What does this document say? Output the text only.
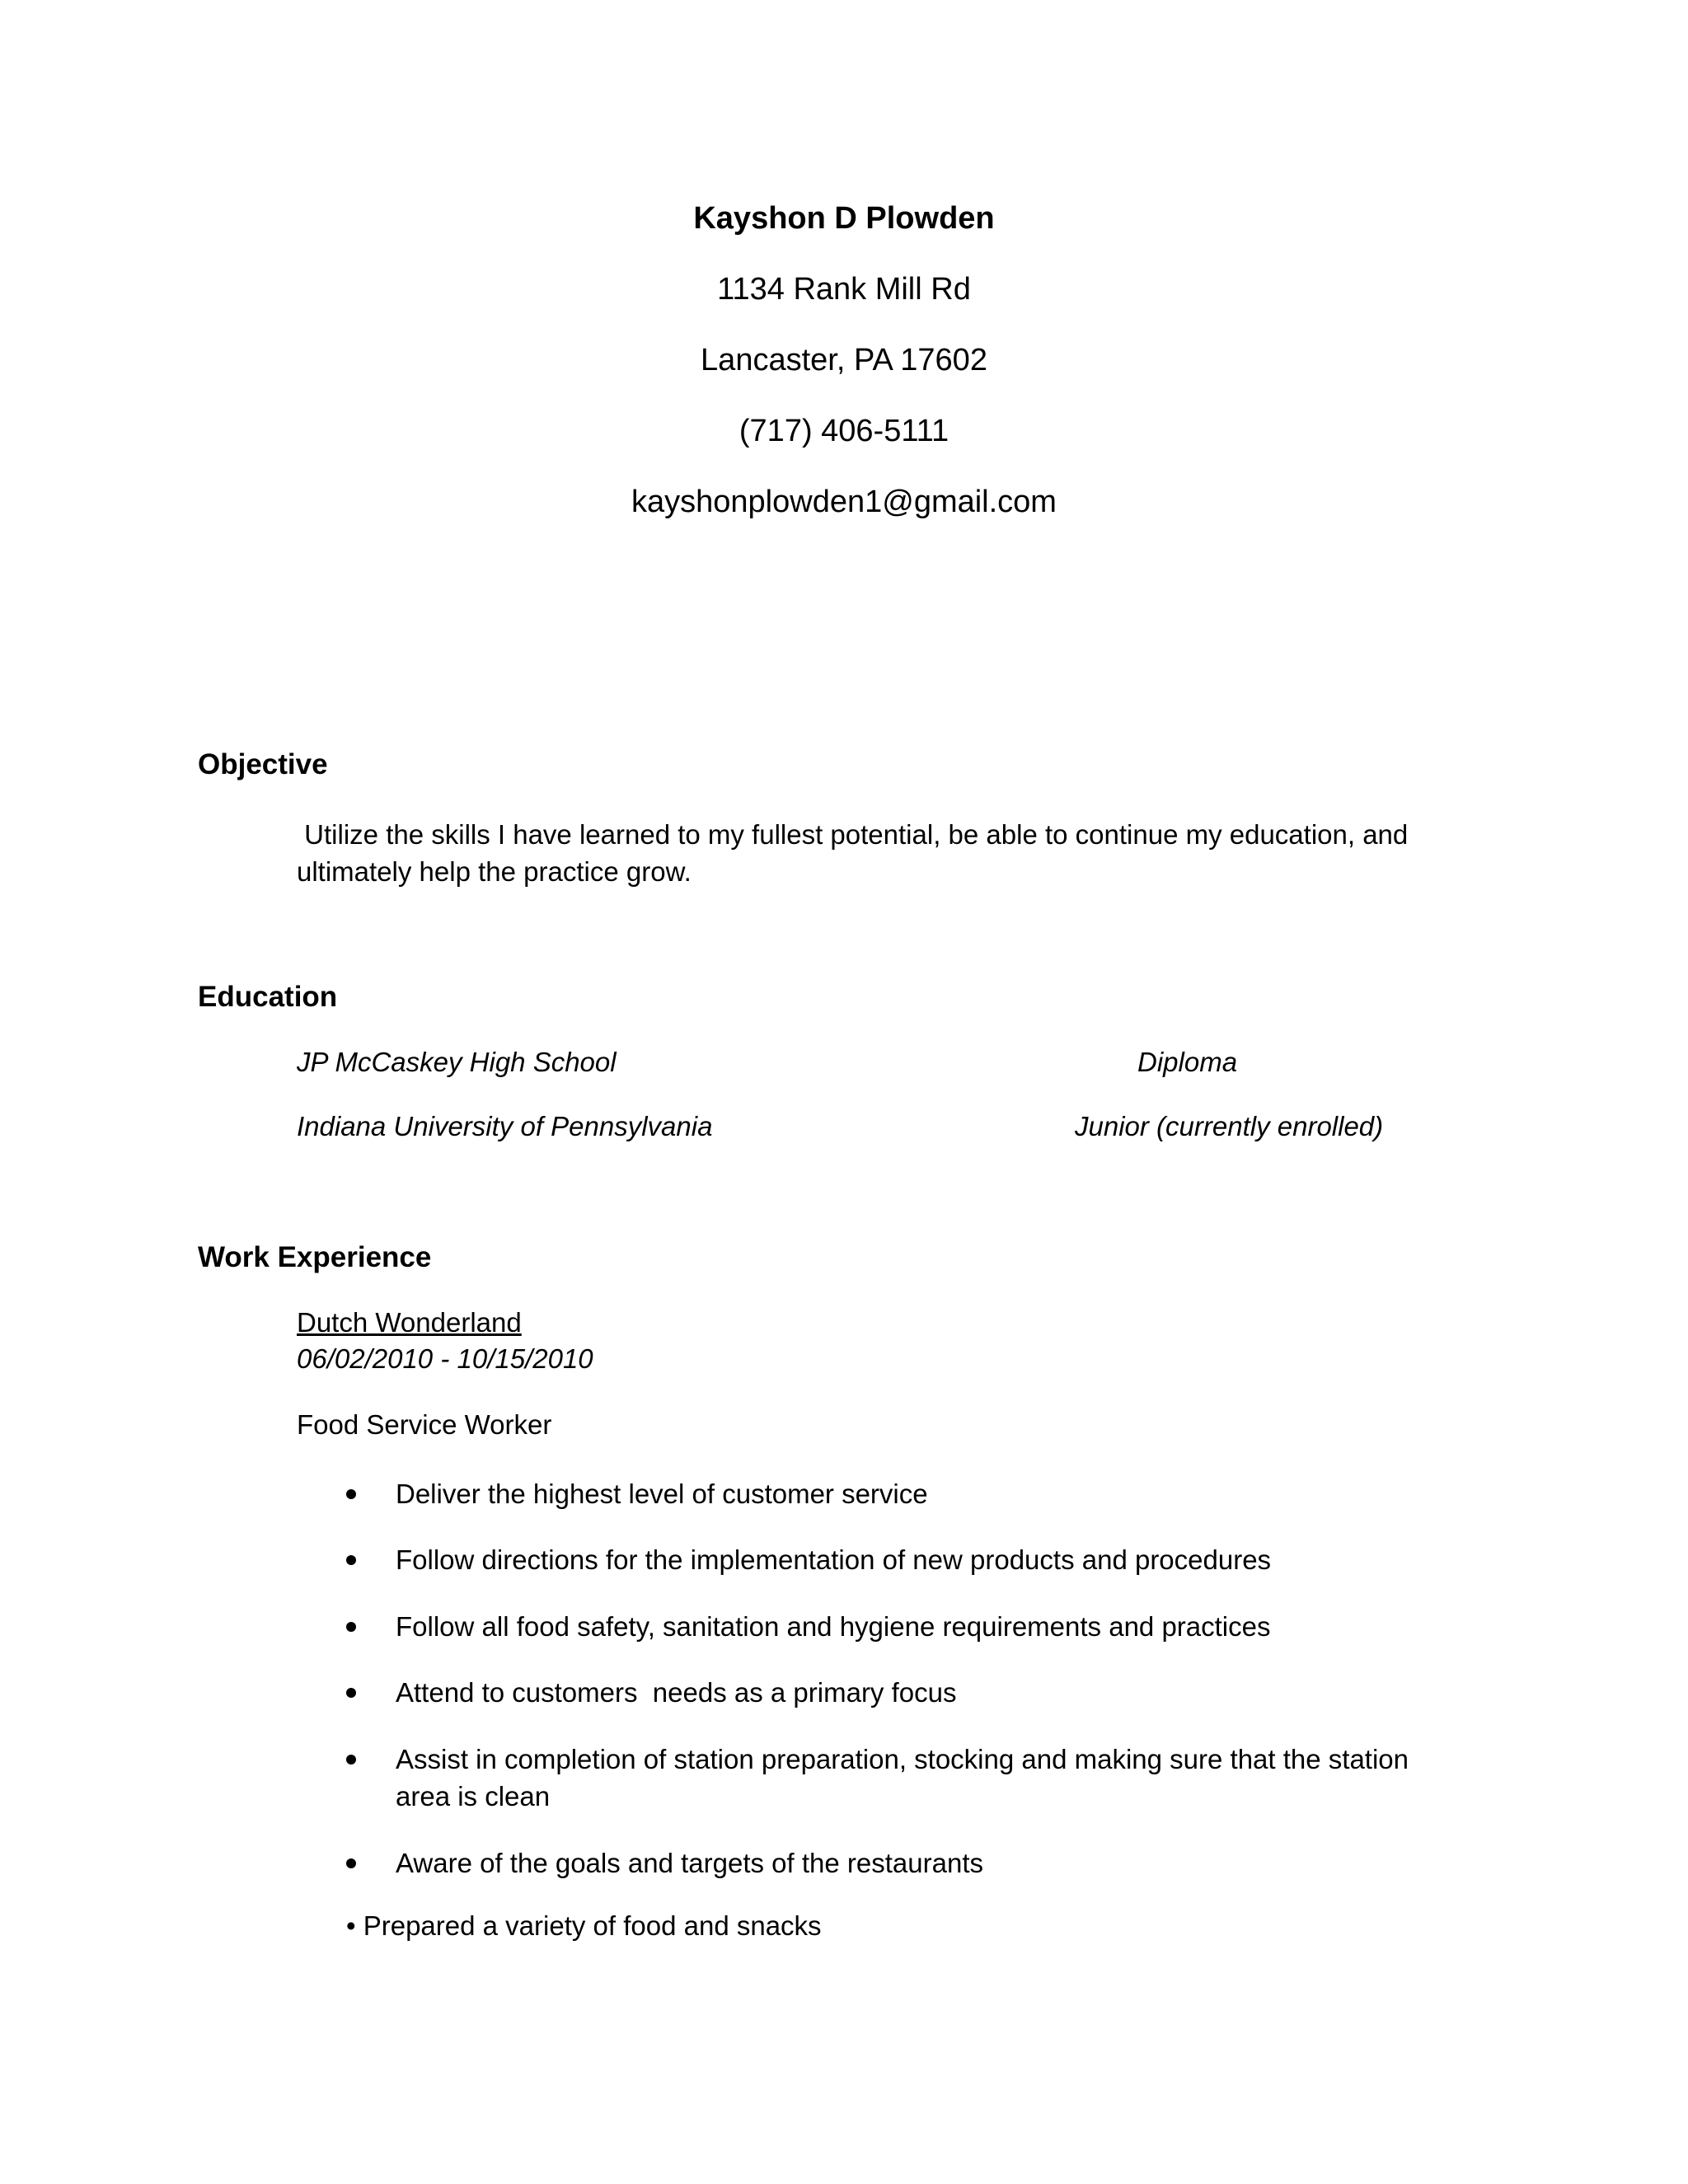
Kayshon D Plowden
1134 Rank Mill Rd
Lancaster, PA 17602
(717) 406-5111
kayshonplowden1@gmail.com
Objective
Utilize the skills I have learned to my fullest potential, be able to continue my education, and ultimately help the practice grow.
Education
JP McCaskey High School	Diploma
Indiana University of Pennsylvania	Junior (currently enrolled)
Work Experience
Dutch Wonderland
06/02/2010 - 10/15/2010
Food Service Worker
Deliver the highest level of customer service
Follow directions for the implementation of new products and procedures
Follow all food safety, sanitation and hygiene requirements and practices
Attend to customers  needs as a primary focus
Assist in completion of station preparation, stocking and making sure that the station area is clean
Aware of the goals and targets of the restaurants
• Prepared a variety of food and snacks
